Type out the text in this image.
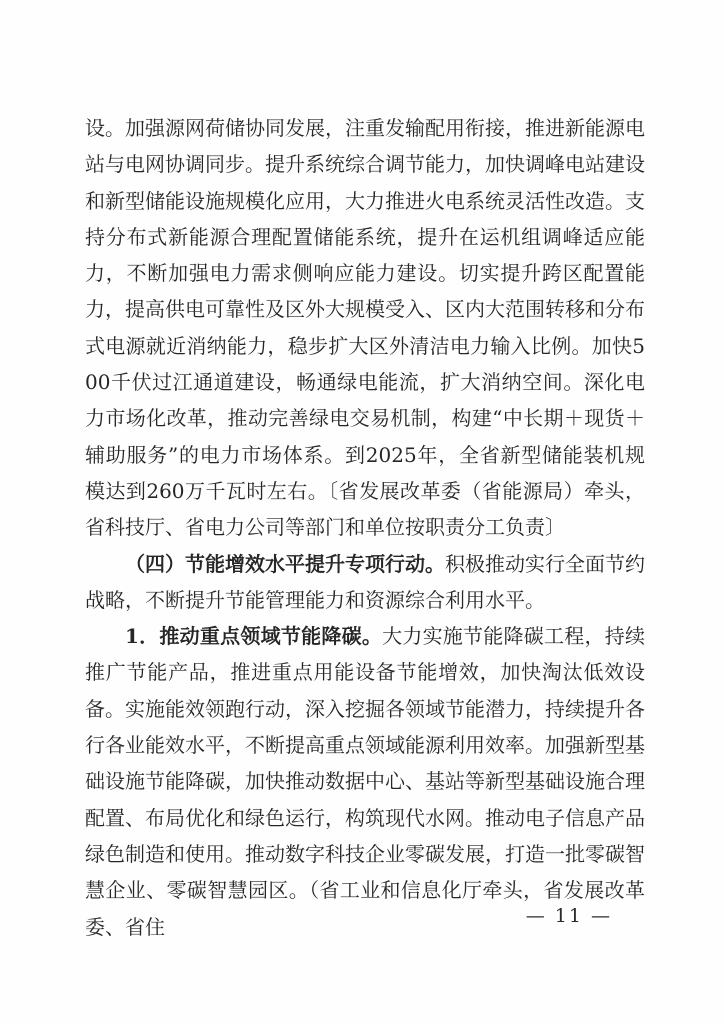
设。加强源网荷储协同发展，注重发输配用衔接，推进新能源电站与电网协调同步。提升系统综合调节能力，加快调峰电站建设和新型储能设施规模化应用，大力推进火电系统灵活性改造。支持分布式新能源合理配置储能系统，提升在运机组调峰适应能力，不断加强电力需求侧响应能力建设。切实提升跨区配置能力，提高供电可靠性及区外大规模受入、区内大范围转移和分布式电源就近消纳能力，稳步扩大区外清洁电力输入比例。加快500千伏过江通道建设，畅通绿电能流，扩大消纳空间。深化电力市场化改革，推动完善绿电交易机制，构建“中长期＋现货＋辅助服务”的电力市场体系。到2025年，全省新型储能装机规模达到260万千瓦时左右。〔省发展改革委（省能源局）牵头，省科技厅、省电力公司等部门和单位按职责分工负责〕

（四）节能增效水平提升专项行动。积极推动实行全面节约战略，不断提升节能管理能力和资源综合利用水平。

1．推动重点领域节能降碳。大力实施节能降碳工程，持续推广节能产品，推进重点用能设备节能增效，加快淘汰低效设备。实施能效领跑行动，深入挖掘各领域节能潜力，持续提升各行各业能效水平，不断提高重点领域能源利用效率。加强新型基础设施节能降碳，加快推动数据中心、基站等新型基础设施合理配置、布局优化和绿色运行，构筑现代水网。推动电子信息产品绿色制造和使用。推动数字科技企业零碳发展，打造一批零碳智慧企业、零碳智慧园区。（省工业和信息化厅牵头，省发展改革委、省住	— 11 —
